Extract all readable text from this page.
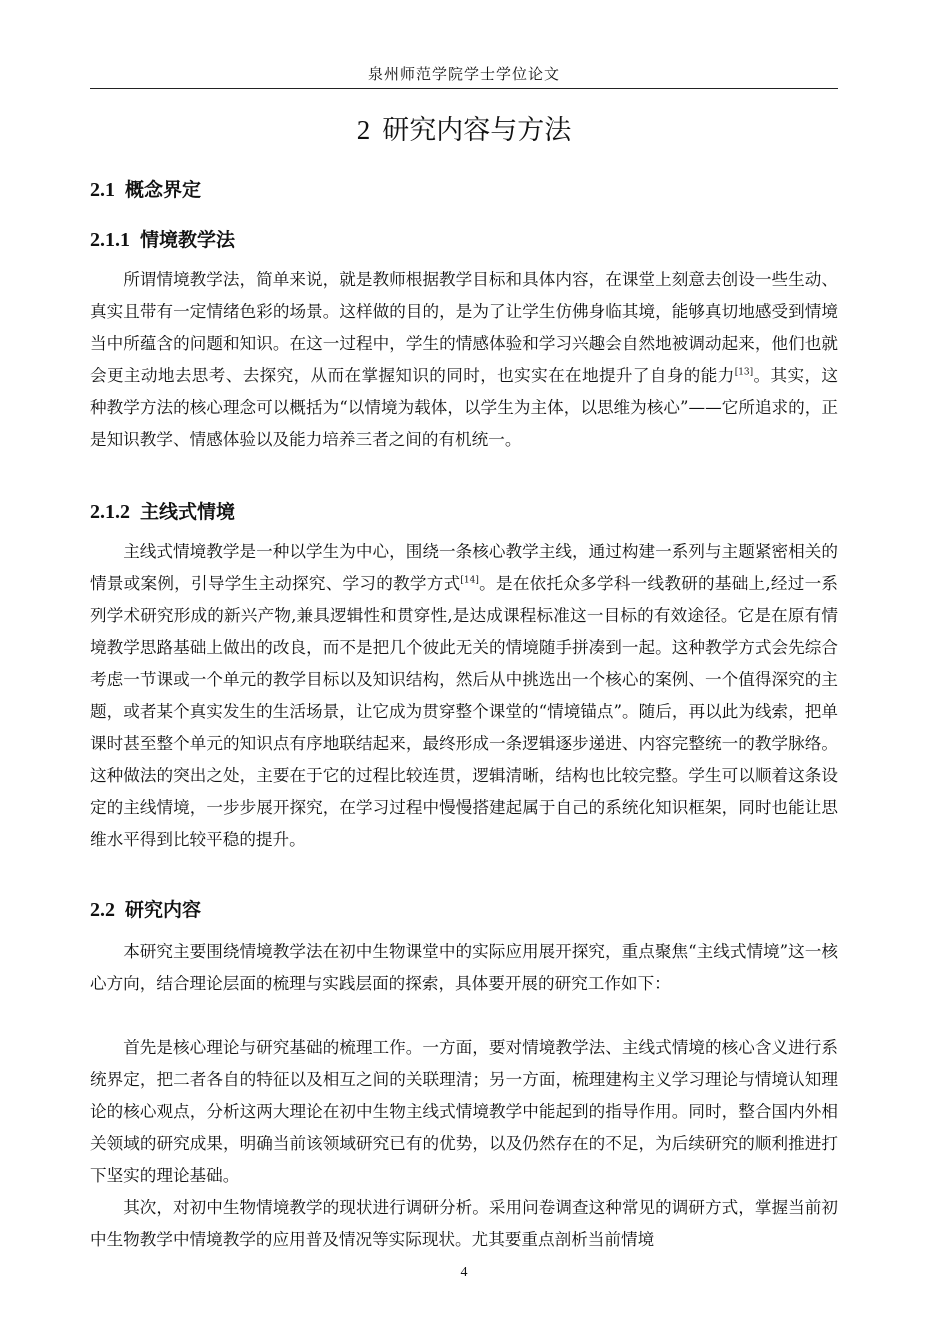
泉州师范学院学士学位论文
2 研究内容与方法
2.1 概念界定
2.1.1 情境教学法

所谓情境教学法，简单来说，就是教师根据教学目标和具体内容，在课堂上刻意去创设一些生动、真实且带有一定情绪色彩的场景。这样做的目的，是为了让学生仿佛身临其境，能够真切地感受到情境当中所蕴含的问题和知识。在这一过程中，学生的情感体验和学习兴趣会自然地被调动起来，他们也就会更主动地去思考、去探究，从而在掌握知识的同时，也实实在在地提升了自身的能力[13]。其实，这种教学方法的核心理念可以概括为“以情境为载体，以学生为主体，以思维为核心”——它所追求的，正是知识教学、情感体验以及能力培养三者之间的有机统一。

2.1.2 主线式情境

主线式情境教学是一种以学生为中心，围绕一条核心教学主线，通过构建一系列与主题紧密相关的情景或案例，引导学生主动探究、学习的教学方式[14]。是在依托众多学科一线教研的基础上,经过一系列学术研究形成的新兴产物,兼具逻辑性和贯穿性,是达成课程标准这一目标的有效途径。它是在原有情境教学思路基础上做出的改良，而不是把几个彼此无关的情境随手拼凑到一起。这种教学方式会先综合考虑一节课或一个单元的教学目标以及知识结构，然后从中挑选出一个核心的案例、一个值得深究的主题，或者某个真实发生的生活场景，让它成为贯穿整个课堂的“情境锚点”。随后，再以此为线索，把单课时甚至整个单元的知识点有序地联结起来，最终形成一条逻辑逐步递进、内容完整统一的教学脉络。这种做法的突出之处，主要在于它的过程比较连贯，逻辑清晰，结构也比较完整。学生可以顺着这条设定的主线情境，一步步展开探究，在学习过程中慢慢搭建起属于自己的系统化知识框架，同时也能让思维水平得到比较平稳的提升。

2.2 研究内容

本研究主要围绕情境教学法在初中生物课堂中的实际应用展开探究，重点聚焦“主线式情境”这一核心方向，结合理论层面的梳理与实践层面的探索，具体要开展的研究工作如下：

首先是核心理论与研究基础的梳理工作。一方面，要对情境教学法、主线式情境的核心含义进行系统界定，把二者各自的特征以及相互之间的关联理清；另一方面，梳理建构主义学习理论与情境认知理论的核心观点，分析这两大理论在初中生物主线式情境教学中能起到的指导作用。同时，整合国内外相关领域的研究成果，明确当前该领域研究已有的优势，以及仍然存在的不足，为后续研究的顺利推进打下坚实的理论基础。

其次，对初中生物情境教学的现状进行调研分析。采用问卷调查这种常见的调研方式，掌握当前初中生物教学中情境教学的应用普及情况等实际现状。尤其要重点剖析当前情境

4
